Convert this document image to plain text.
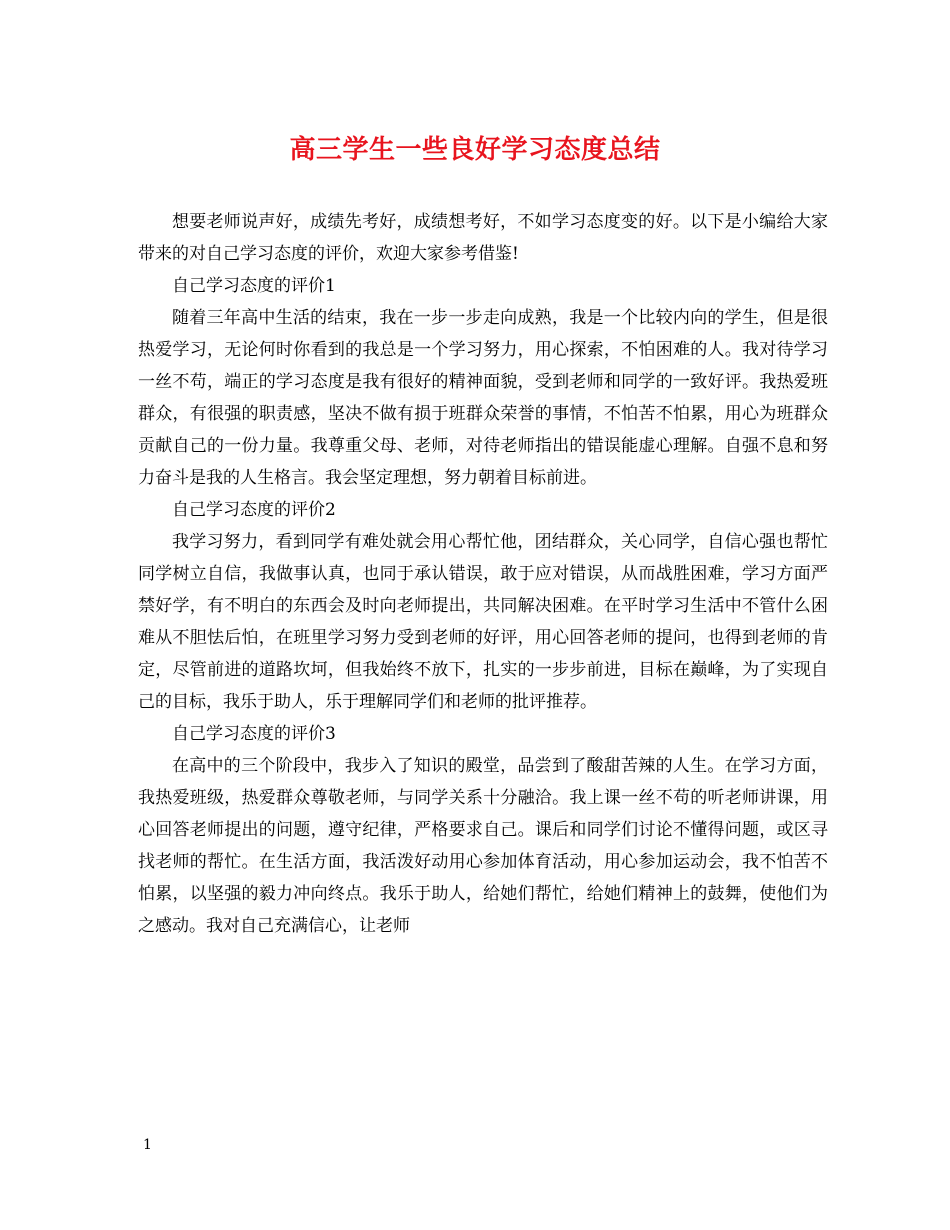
高三学生一些良好学习态度总结

想要老师说声好，成绩先考好，成绩想考好，不如学习态度变的好。以下是小编给大家带来的对自己学习态度的评价，欢迎大家参考借鉴!

自己学习态度的评价1

随着三年高中生活的结束，我在一步一步走向成熟，我是一个比较内向的学生，但是很热爱学习，无论何时你看到的我总是一个学习努力，用心探索，不怕困难的人。我对待学习一丝不苟，端正的学习态度是我有很好的精神面貌，受到老师和同学的一致好评。我热爱班群众，有很强的职责感，坚决不做有损于班群众荣誉的事情，不怕苦不怕累，用心为班群众贡献自己的一份力量。我尊重父母、老师，对待老师指出的错误能虚心理解。自强不息和努力奋斗是我的人生格言。我会坚定理想，努力朝着目标前进。

自己学习态度的评价2

我学习努力，看到同学有难处就会用心帮忙他，团结群众，关心同学，自信心强也帮忙同学树立自信，我做事认真，也同于承认错误，敢于应对错误，从而战胜困难，学习方面严禁好学，有不明白的东西会及时向老师提出，共同解决困难。在平时学习生活中不管什么困难从不胆怯后怕，在班里学习努力受到老师的好评，用心回答老师的提问，也得到老师的肯定，尽管前进的道路坎坷，但我始终不放下，扎实的一步步前进，目标在巅峰，为了实现自己的目标，我乐于助人，乐于理解同学们和老师的批评推荐。

自己学习态度的评价3

在高中的三个阶段中，我步入了知识的殿堂，品尝到了酸甜苦辣的人生。在学习方面，我热爱班级，热爱群众尊敬老师，与同学关系十分融洽。我上课一丝不苟的听老师讲课，用心回答老师提出的问题，遵守纪律，严格要求自己。课后和同学们讨论不懂得问题，或区寻找老师的帮忙。在生活方面，我活泼好动用心参加体育活动，用心参加运动会，我不怕苦不怕累，以坚强的毅力冲向终点。我乐于助人，给她们帮忙，给她们精神上的鼓舞，使他们为之感动。我对自己充满信心，让老师

1
